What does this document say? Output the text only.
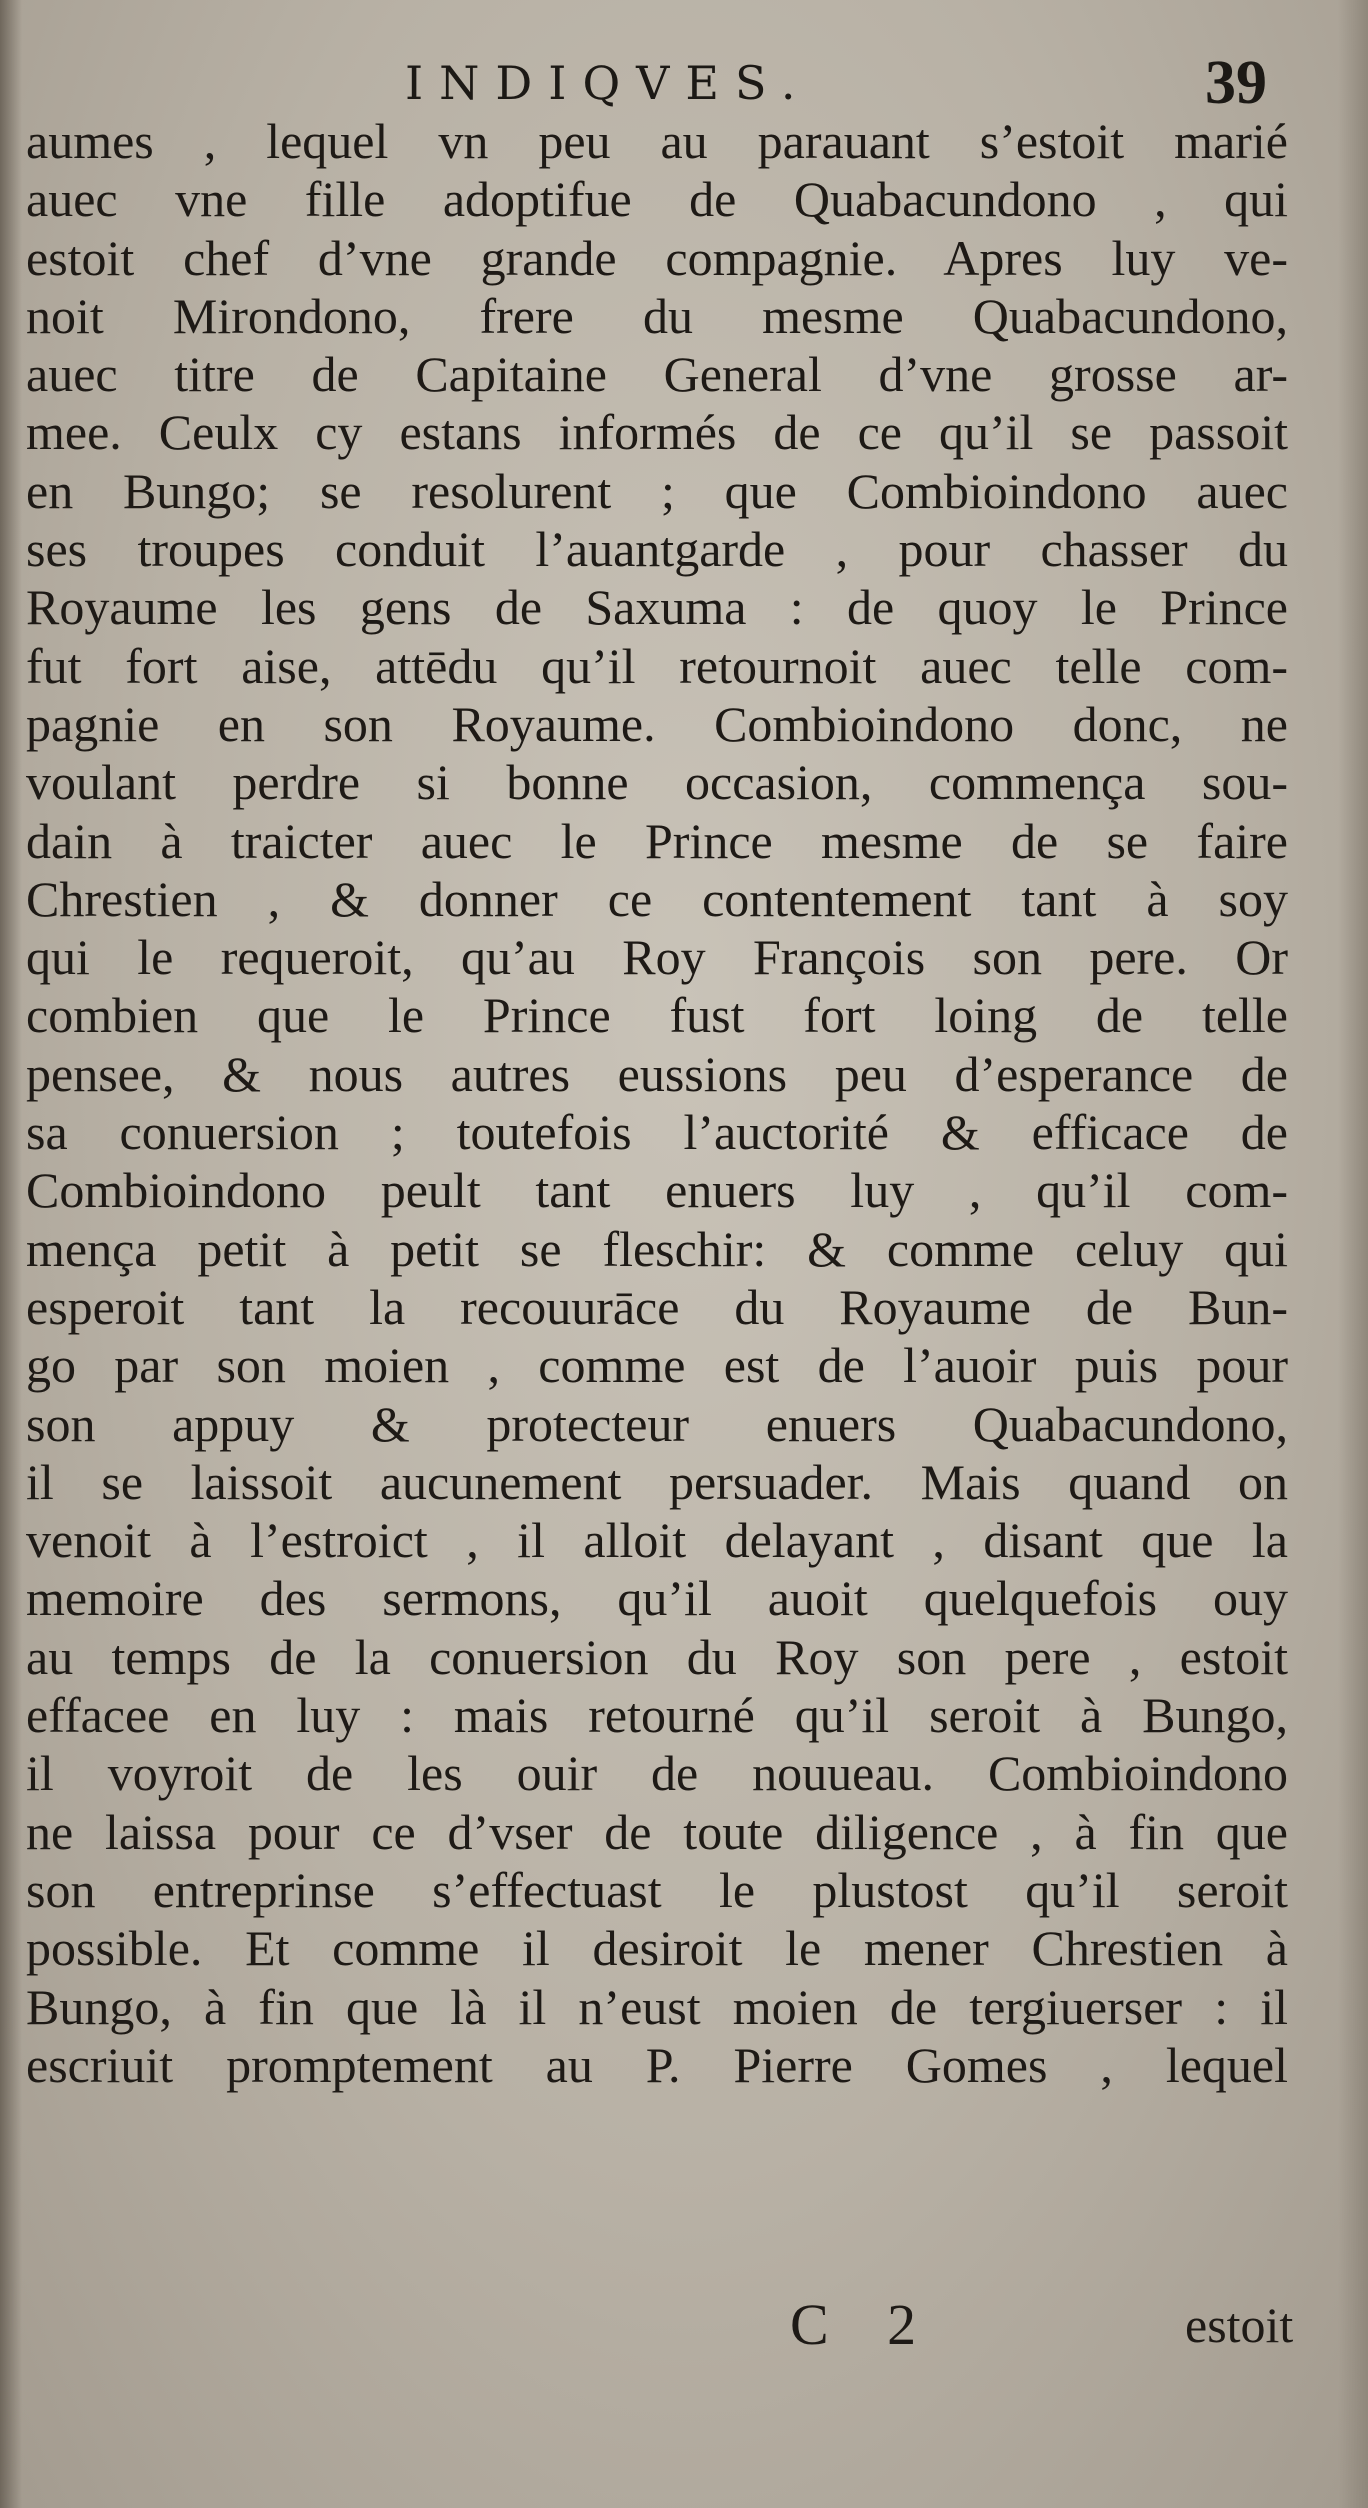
INDIQVES.	39
aumes , lequel vn peu au parauant s’estoit marié
auec vne fille adoptifue de Quabacundono , qui
estoit chef d’vne grande compagnie. Apres luy ve-
noit Mirondono, frere du mesme Quabacundono,
auec titre de Capitaine General d’vne grosse ar-
mee. Ceulx cy estans informés de ce qu’il se passoit
en Bungo; se resolurent ; que Combioindono auec
ses troupes conduit l’auantgarde , pour chasser du
Royaume les gens de Saxuma : de quoy le Prince
fut fort aise, attēdu qu’il retournoit auec telle com-
pagnie en son Royaume. Combioindono donc, ne
voulant perdre si bonne occasion, commença sou-
dain à traicter auec le Prince mesme de se faire
Chrestien , & donner ce contentement tant à soy
qui le requeroit, qu’au Roy François son pere. Or
combien que le Prince fust fort loing de telle
pensee, & nous autres eussions peu d’esperance de
sa conuersion ; toutefois l’auctorité & efficace de
Combioindono peult tant enuers luy , qu’il com-
mença petit à petit se fleschir: & comme celuy qui
esperoit tant la recouurāce du Royaume de Bun-
go par son moien , comme est de l’auoir puis pour
son appuy & protecteur enuers Quabacundono,
il se laissoit aucunement persuader. Mais quand on
venoit à l’estroict , il alloit delayant , disant que la
memoire des sermons, qu’il auoit quelquefois ouy
au temps de la conuersion du Roy son pere , estoit
effacee en luy : mais retourné qu’il seroit à Bungo,
il voyroit de les ouir de nouueau. Combioindono
ne laissa pour ce d’vser de toute diligence , à fin que
son entreprinse s’effectuast le plustost qu’il seroit
possible. Et comme il desiroit le mener Chrestien à
Bungo, à fin que là il n’eust moien de tergiuerser : il
escriuit promptement au P. Pierre Gomes , lequel
C 2	estoit
